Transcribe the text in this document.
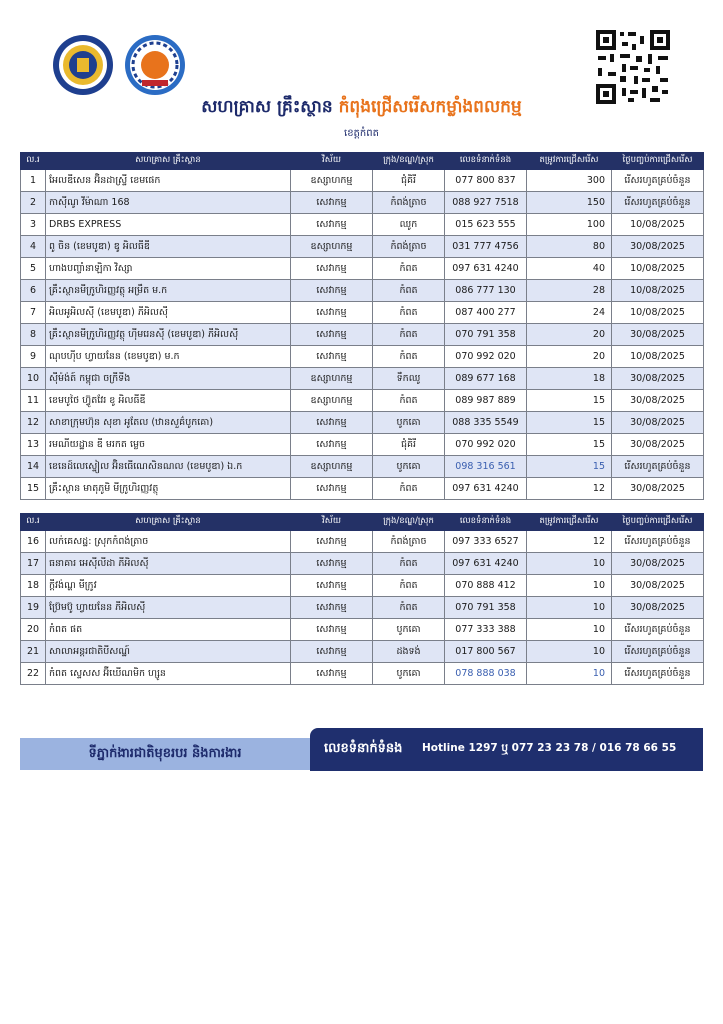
សហគ្រាស គ្រឹះស្ថាន កំពុងជ្រើសរើសកម្លាំងពលកម្ម
ខេត្តកំពត
ល.រ	សហគ្រាស គ្រឹះស្ថាន	វិស័យ	ក្រុង/ខណ្ឌ/ស្រុក	លេខទំនាក់ទំនង	តម្រូវការជ្រើសរើស	ថ្ងៃបញ្ចប់ការជ្រើសរើស
1	អែលឌីសេន អ៊ិនដាស្ទ្រី ខេមផេក	ឧស្សាហកម្ម	ជុំគិរី	077 800 837	300	រើសរហូតគ្រប់ចំនួន
2	កាស៊ីណូ វីម៉ាណា 168	សេវាកម្ម	កំពង់ត្រាច	088 927 7518	150	រើសរហូតគ្រប់ចំនួន
3	DRBS EXPRESS	សេវាកម្ម	ឈូក	015 623 555	100	10/08/2025
4	ពូ ចិន (ខេមបូឌា) ឌូ អិលធីឌី	ឧស្សាហកម្ម	កំពង់ត្រាច	031 777 4756	80	30/08/2025
5	ហាងបញ្ចាំនាឡិកា វិស្សា	សេវាកម្ម	កំពត	097 631 4240	40	10/08/2025
6	គ្រឹះស្ថានមីក្រូហិរញ្ញវត្ថុ អម្រឹត ម.ក	សេវាកម្ម	កំពត	086 777 130	28	10/08/2025
7	អិលអូអិលស៊ី (ខេមបូឌា) ភីអិលស៊ី	សេវាកម្ម	កំពត	087 400 277	24	10/08/2025
8	គ្រឹះស្ថានមីក្រូហិរញ្ញវត្ថុ ហ៊ីមរេនស៊ី (ខេមបូឌា) ភីអិលស៊ី	សេវាកម្ម	កំពត	070 791 358	20	30/08/2025
9	ណុបហ៊ីប ហ្វាយនែន (ខេមបូឌា) ម.ក	សេវាកម្ម	កំពត	070 992 020	20	10/08/2025
10	ស៊ីម៉ង់ត៍ កម្ពុជា ចក្រីទីង	ឧស្សាហកម្ម	ទឹកឈូ	089 677 168	18	30/08/2025
11	ខេមបូថៃ ហ៊្វូតវែរ ខូ អិលធីឌី	ឧស្សាហកម្ម	កំពត	089 987 889	15	30/08/2025
12	សាខាក្រុមហ៊ុន សុខា អូតែល (ឋានសួគ៌បូកគោ)	សេវាកម្ម	បូកគោ	088 335 5549	15	30/08/2025
13	រមណីយដ្ឋាន ឌី មរកត ម្លេច	សេវាកម្ម	ជុំគិរី	070 992 020	15	30/08/2025
14	ខេនេដ៍លេស្ទៀល អ៊ិនធើណេសិនណល (ខេមបូឌា) ឯ.ក	ឧស្សាហកម្ម	បូកគោ	098 316 561	15	រើសរហូតគ្រប់ចំនួន
15	គ្រឹះស្ថាន មាតុភូមិ មីក្រូហិរញ្ញវត្ថុ	សេវាកម្ម	កំពត	097 631 4240	12	30/08/2025
ល.រ	សហគ្រាស គ្រឹះស្ថាន	វិស័យ	ក្រុង/ខណ្ឌ/ស្រុក	លេខទំនាក់ទំនង	តម្រូវការជ្រើសរើស	ថ្ងៃបញ្ចប់ការជ្រើសរើស
16	លក់គេសដ្ឋ: ស្រុកកំពង់ត្រាច	សេវាកម្ម	កំពង់ត្រាច	097 333 6527	12	រើសរហូតគ្រប់ចំនួន
17	ធនាគារ អេស៊ីលីដា ភីអិលស៊ី	សេវាកម្ម	កំពត	097 631 4240	10	30/08/2025
18	ក្ដីវង់ណ្ហ មីក្រូវ	សេវាកម្ម	កំពត	070 888 412	10	30/08/2025
19	ប្រ៊ែមប៊ូ ហ្វាយនែន ភីអិលស៊ី	សេវាកម្ម	កំពត	070 791 358	10	30/08/2025
20	កំពត ផត	សេវាកម្ម	បូកគោ	077 333 388	10	រើសរហូតគ្រប់ចំនួន
21	សាលាអន្តរជាតិបីសណ្ឋ៍	សេវាកម្ម	ដងទង់	017 800 567	10	រើសរហូតគ្រប់ចំនួន
22	កំពត ស្ទេសស អ៊ីឃើណមិក ហ្សូន	សេវាកម្ម	បូកគោ	078 888 038	10	រើសរហូតគ្រប់ចំនួន
ទីភ្នាក់ងារជាតិមុខរបរ និងការងារ	លេខទំនាក់ទំនង	Hotline 1297 ឬ 077 23 23 78 / 016 78 66 55
